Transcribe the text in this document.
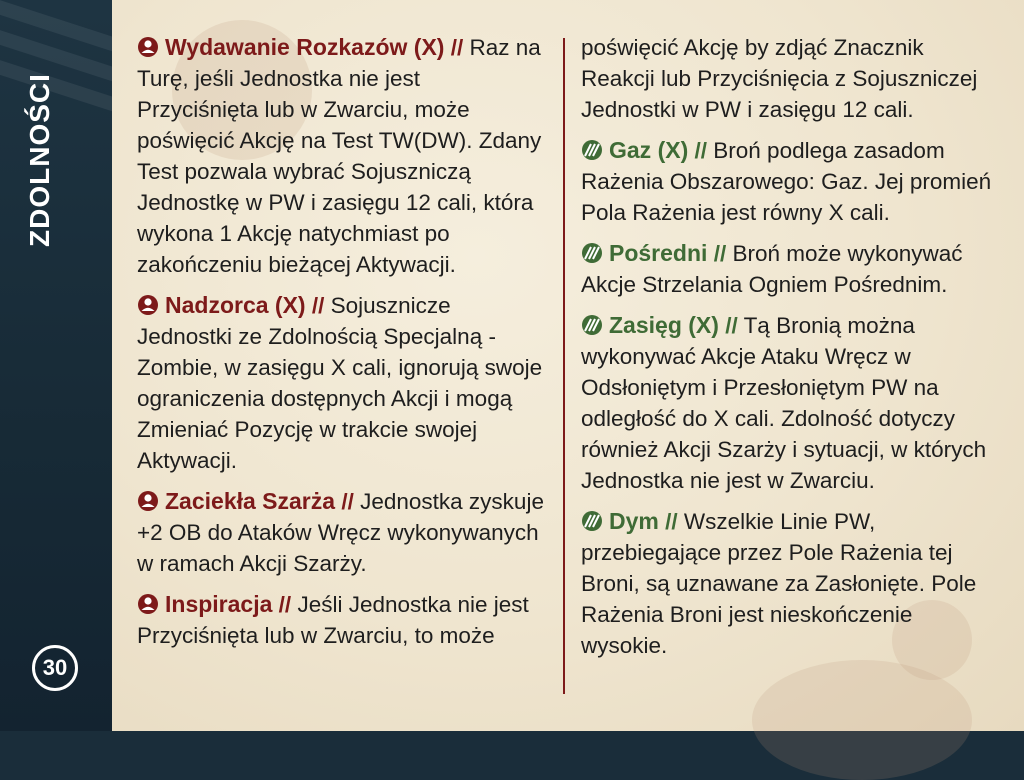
ZDOLNOŚCI
30

Wydawanie Rozkazów (X) // Raz na Turę, jeśli Jednostka nie jest Przyciśnięta lub w Zwarciu, może poświęcić Akcję na Test TW(DW). Zdany Test pozwala wybrać Sojuszniczą Jednostkę w PW i zasięgu 12 cali, która wykona 1 Akcję natychmiast po zakończeniu bieżącej Aktywacji.

Nadzorca (X) // Sojusznicze Jednostki ze Zdolnością Specjalną - Zombie, w zasięgu X cali, ignorują swoje ograniczenia dostępnych Akcji i mogą Zmieniać Pozycję w trakcie swojej Aktywacji.

Zaciekła Szarża // Jednostka zyskuje +2 OB do Ataków Wręcz wykonywanych w ramach Akcji Szarży.

Inspiracja // Jeśli Jednostka nie jest Przyciśnięta lub w Zwarciu, to może

poświęcić Akcję by zdjąć Znacznik Reakcji lub Przyciśnięcia z Sojuszniczej Jednostki w PW i zasięgu 12 cali.

Gaz (X) // Broń podlega zasadom Rażenia Obszarowego: Gaz. Jej promień Pola Rażenia jest równy X cali.

Pośredni // Broń może wykonywać Akcje Strzelania Ogniem Pośrednim.

Zasięg (X) // Tą Bronią można wykonywać Akcje Ataku Wręcz w Odsłoniętym i Przesłoniętym PW na odległość do X cali. Zdolność dotyczy również Akcji Szarży i sytuacji, w których Jednostka nie jest w Zwarciu.

Dym // Wszelkie Linie PW, przebiegające przez Pole Rażenia tej Broni, są uznawane za Zasłonięte. Pole Rażenia Broni jest nieskończenie wysokie.
